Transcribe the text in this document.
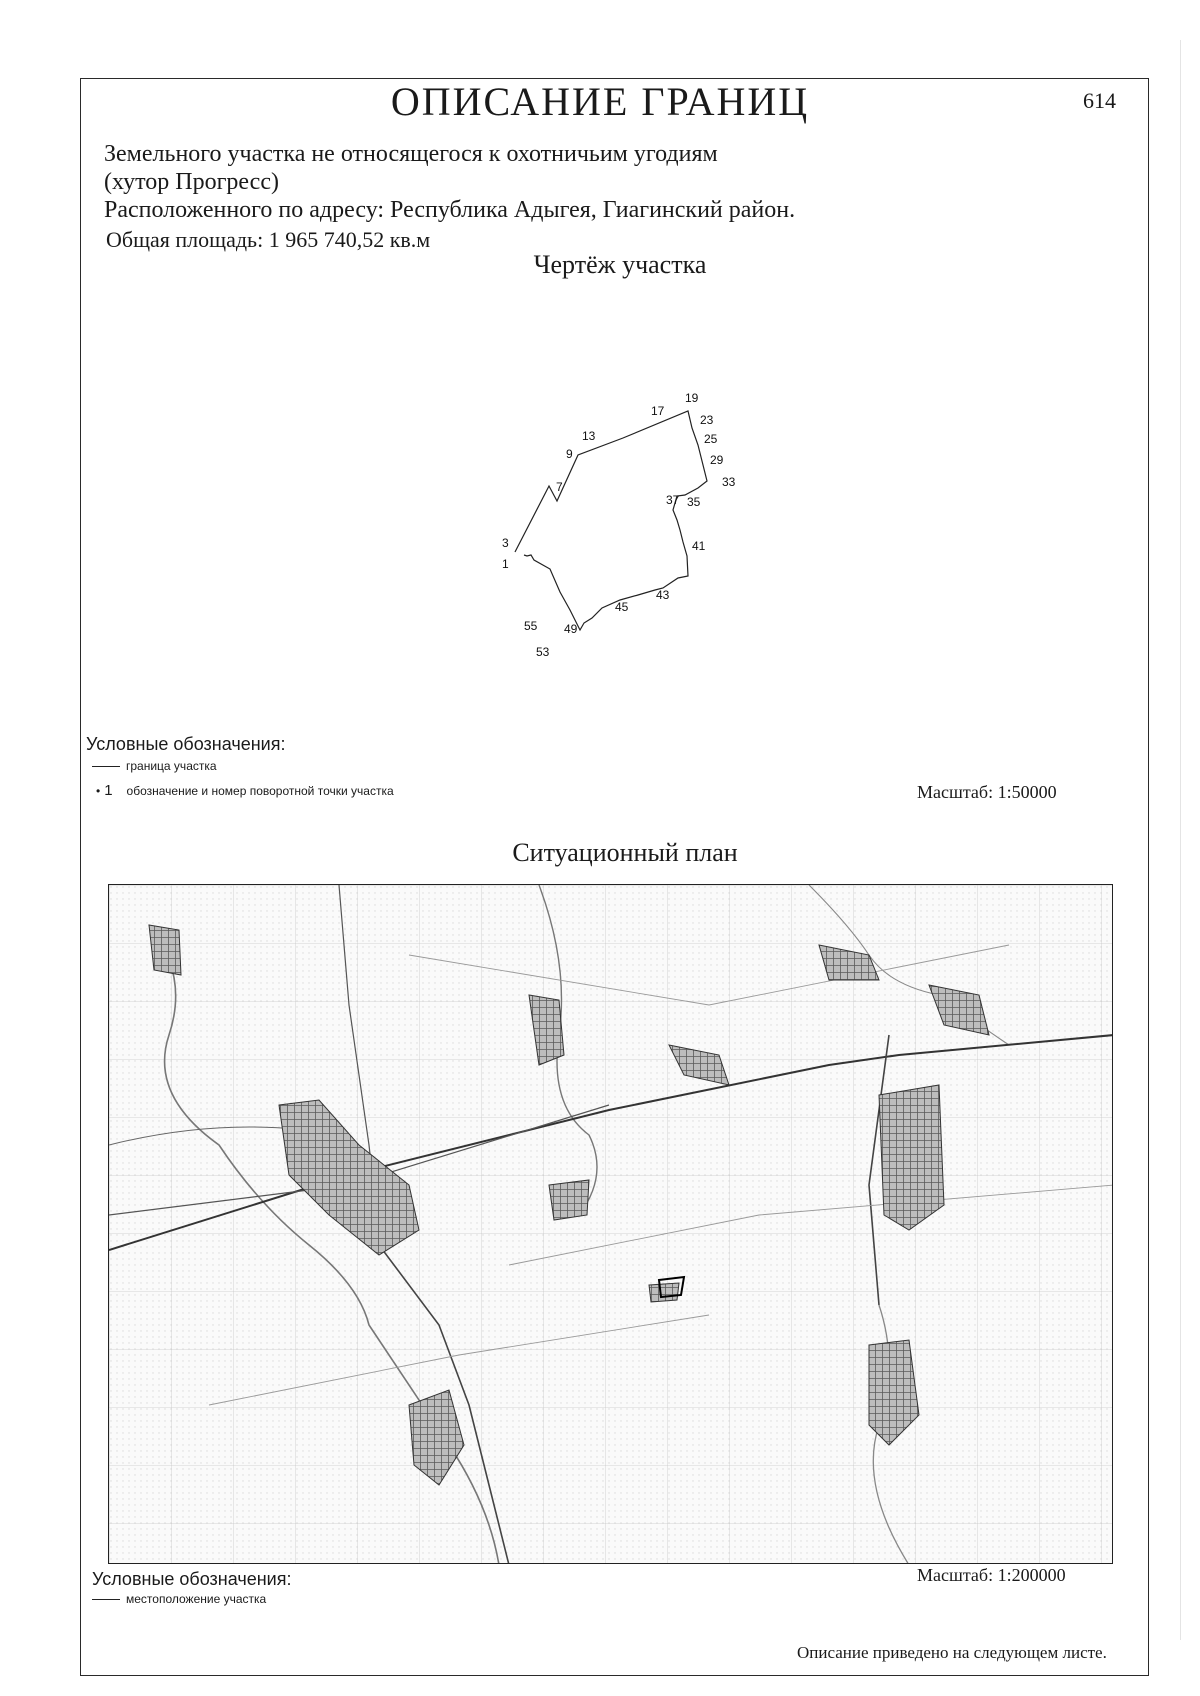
ОПИСАНИЕ ГРАНИЦ	614
Земельного участка не относящегося к охотничьим угодиям
(хутор Прогресс)
Расположенного по адресу: Республика Адыгея, Гиагинский район.
Общая площадь: 1 965 740,52 кв.м
Чертёж участка
19
17
23
13	25
9	29
33
7
37 35
41
3
1
43
45
55 49
53
Условные обозначения:
граница участка
• 1 обозначение и номер поворотной точки участка	Масштаб: 1:50000
Ситуационный план
Условные обозначения:
местоположение участка
Масштаб: 1:200000
Описание приведено на следующем листе.
